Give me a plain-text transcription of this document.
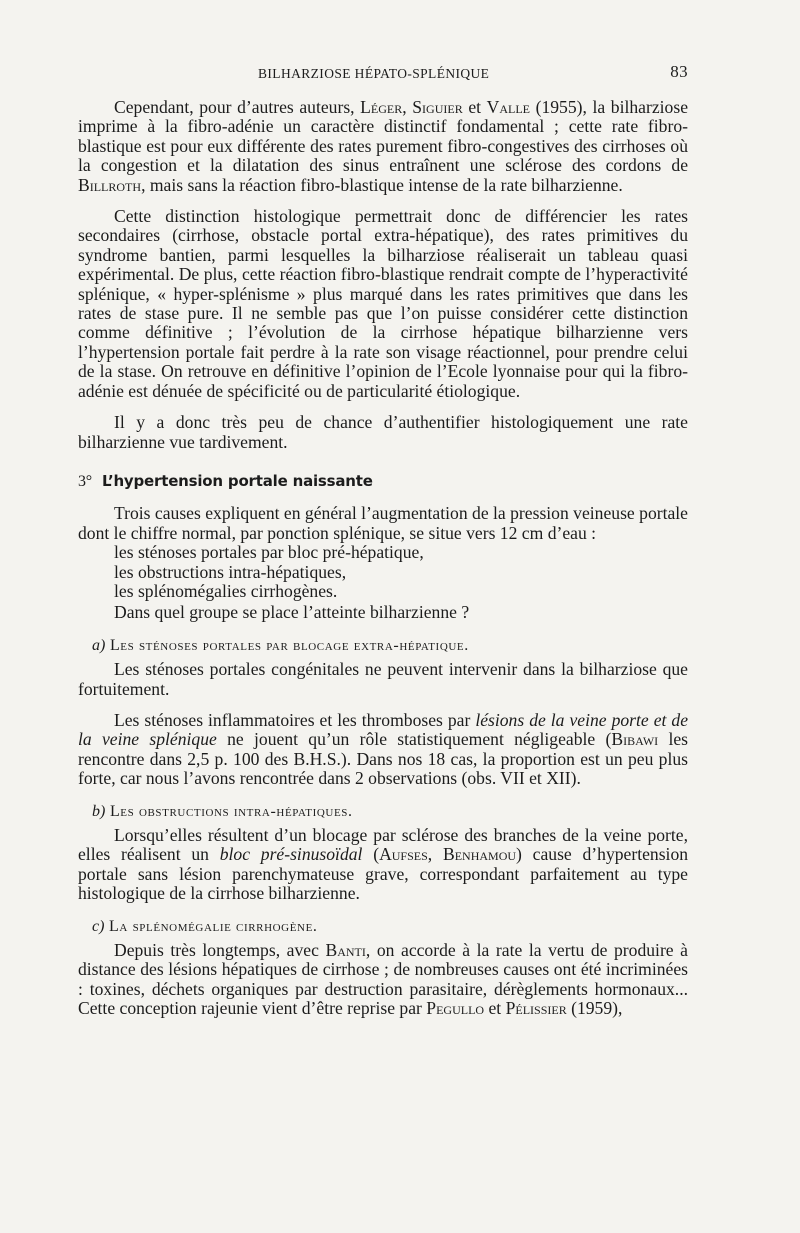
BILHARZIOSE HÉPATO-SPLÉNIQUE	83

Cependant, pour d’autres auteurs, Léger, Siguier et Valle (1955), la bilharziose imprime à la fibro-adénie un caractère distinctif fondamental ; cette rate fibro-blastique est pour eux différente des rates purement fibro-congestives des cirrhoses où la congestion et la dilatation des sinus entraînent une sclérose des cordons de Billroth, mais sans la réaction fibro-blastique intense de la rate bilharzienne.

Cette distinction histologique permettrait donc de différencier les rates secondaires (cirrhose, obstacle portal extra-hépatique), des rates primitives du syndrome bantien, parmi lesquelles la bilharziose réaliserait un tableau quasi expérimental. De plus, cette réaction fibro-blastique rendrait compte de l’hyperactivité splénique, « hyper-splénisme » plus marqué dans les rates primitives que dans les rates de stase pure. Il ne semble pas que l’on puisse considérer cette distinction comme définitive ; l’évolution de la cirrhose hépatique bilharzienne vers l’hypertension portale fait perdre à la rate son visage réactionnel, pour prendre celui de la stase. On retrouve en définitive l’opinion de l’Ecole lyonnaise pour qui la fibro-adénie est dénuée de spécificité ou de particularité étiologique.

Il y a donc très peu de chance d’authentifier histologiquement une rate bilharzienne vue tardivement.

3° L’hypertension portale naissante

Trois causes expliquent en général l’augmentation de la pression veineuse portale dont le chiffre normal, par ponction splénique, se situe vers 12 cm d’eau :

les sténoses portales par bloc pré-hépatique,
les obstructions intra-hépatiques,
les splénomégalies cirrhogènes.

Dans quel groupe se place l’atteinte bilharzienne ?

a) Les sténoses portales par blocage extra-hépatique.

Les sténoses portales congénitales ne peuvent intervenir dans la bilharziose que fortuitement.

Les sténoses inflammatoires et les thromboses par lésions de la veine porte et de la veine splénique ne jouent qu’un rôle statistiquement négligeable (Bibawi les rencontre dans 2,5 p. 100 des B.H.S.). Dans nos 18 cas, la proportion est un peu plus forte, car nous l’avons rencontrée dans 2 observations (obs. VII et XII).

b) Les obstructions intra-hépatiques.

Lorsqu’elles résultent d’un blocage par sclérose des branches de la veine porte, elles réalisent un bloc pré-sinusoïdal (Aufses, Benhamou) cause d’hypertension portale sans lésion parenchymateuse grave, correspondant parfaitement au type histologique de la cirrhose bilharzienne.

c) La splénomégalie cirrhogène.

Depuis très longtemps, avec Banti, on accorde à la rate la vertu de produire à distance des lésions hépatiques de cirrhose ; de nombreuses causes ont été incriminées : toxines, déchets organiques par destruction parasitaire, dérèglements hormonaux... Cette conception rajeunie vient d’être reprise par Pegullo et Pélissier (1959),
